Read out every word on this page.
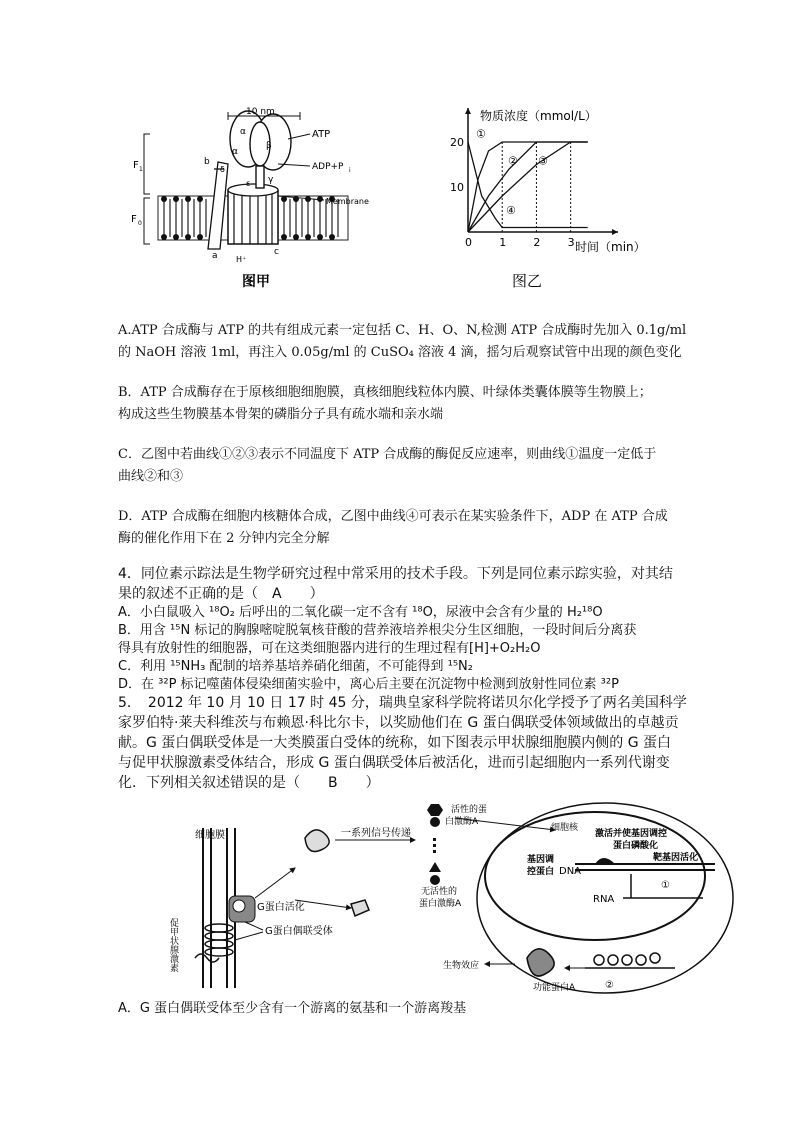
10 nm
ATP
ADP+P i
Membrane
F 1
F 0
α
β
α
γ
δ
ε
b
a	c
H⁺
图甲
物质浓度（mmol/L）
时间（min）
图乙
0 1 2 3
10
20
①
② ③
④
A.ATP 合成酶与 ATP 的共有组成元素一定包括 C、H、O、N,检测 ATP 合成酶时先加入 0.1g/ml
的 NaOH 溶液 1ml，再注入 0.05g/ml 的 CuSO₄ 溶液 4 滴，摇匀后观察试管中出现的颜色变化
B．ATP 合成酶存在于原核细胞细胞膜，真核细胞线粒体内膜、叶绿体类囊体膜等生物膜上；
构成这些生物膜基本骨架的磷脂分子具有疏水端和亲水端
C．乙图中若曲线①②③表示不同温度下 ATP 合成酶的酶促反应速率，则曲线①温度一定低于
曲线②和③
D．ATP 合成酶在细胞内核糖体合成，乙图中曲线④可表示在某实验条件下，ADP 在 ATP 合成
酶的催化作用下在 2 分钟内完全分解
4．同位素示踪法是生物学研究过程中常采用的技术手段。下列是同位素示踪实验，对其结
果的叙述不正确的是（　A　　）
A．小白鼠吸入 ¹⁸O₂ 后呼出的二氧化碳一定不含有 ¹⁸O，尿液中会含有少量的 H₂¹⁸O
B．用含 ¹⁵N 标记的胸腺嘧啶脱氧核苷酸的营养液培养根尖分生区细胞，一段时间后分离获
得具有放射性的细胞器，可在这类细胞器内进行的生理过程有[H]+O₂H₂O
C．利用 ¹⁵NH₃ 配制的培养基培养硝化细菌，不可能得到 ¹⁵N₂
D．在 ³²P 标记噬菌体侵染细菌实验中，离心后主要在沉淀物中检测到放射性同位素 ³²P
5．　2012 年 10 月 10 日 17 时 45 分，瑞典皇家科学院将诺贝尔化学授予了两名美国科学
家罗伯特·莱夫科维茨与布赖恩·科比尔卡，以奖励他们在 G 蛋白偶联受体领域做出的卓越贡
献。G 蛋白偶联受体是一大类膜蛋白受体的统称，如下图表示甲状腺细胞膜内侧的 G 蛋白
与促甲状腺激素受体结合，形成 G 蛋白偶联受体后被活化，进而引起细胞内一系列代谢变
化．下列相关叙述错误的是（　　B　　）
细胞膜
促甲状腺激素
G蛋白活化
G蛋白偶联受体
一系列信号传递
活性的蛋
白激酶A
无活性的
蛋白激酶A
细胞核
激活并使基因调控
蛋白磷酸化
基因调
控蛋白 DNA
靶基因活化
RNA
①
②
功能蛋白A
生物效应
A．G 蛋白偶联受体至少含有一个游离的氨基和一个游离羧基
